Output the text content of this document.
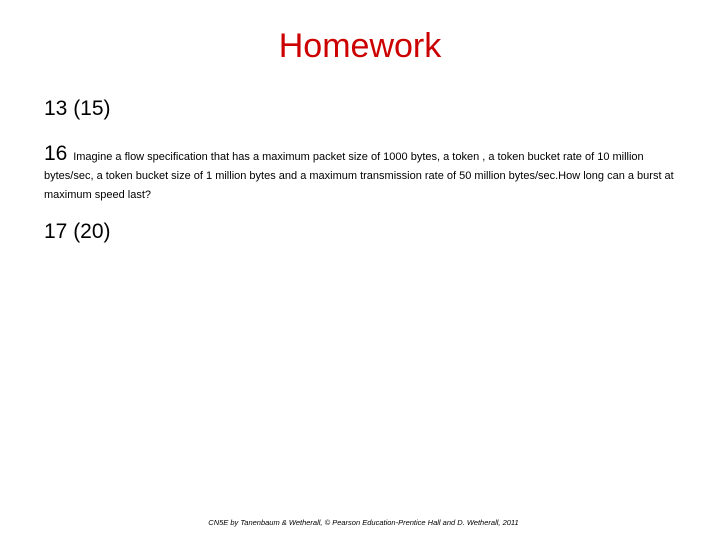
Homework
13 (15)
16 Imagine a flow specification that has a maximum packet size of 1000 bytes, a token , a token bucket rate of 10 million bytes/sec, a token bucket size of 1 million bytes and a maximum transmission rate of 50 million bytes/sec.How long can a burst at maximum speed last?
17 (20)
CN5E by Tanenbaum & Wetherall, © Pearson Education-Prentice Hall and D. Wetherall, 2011
